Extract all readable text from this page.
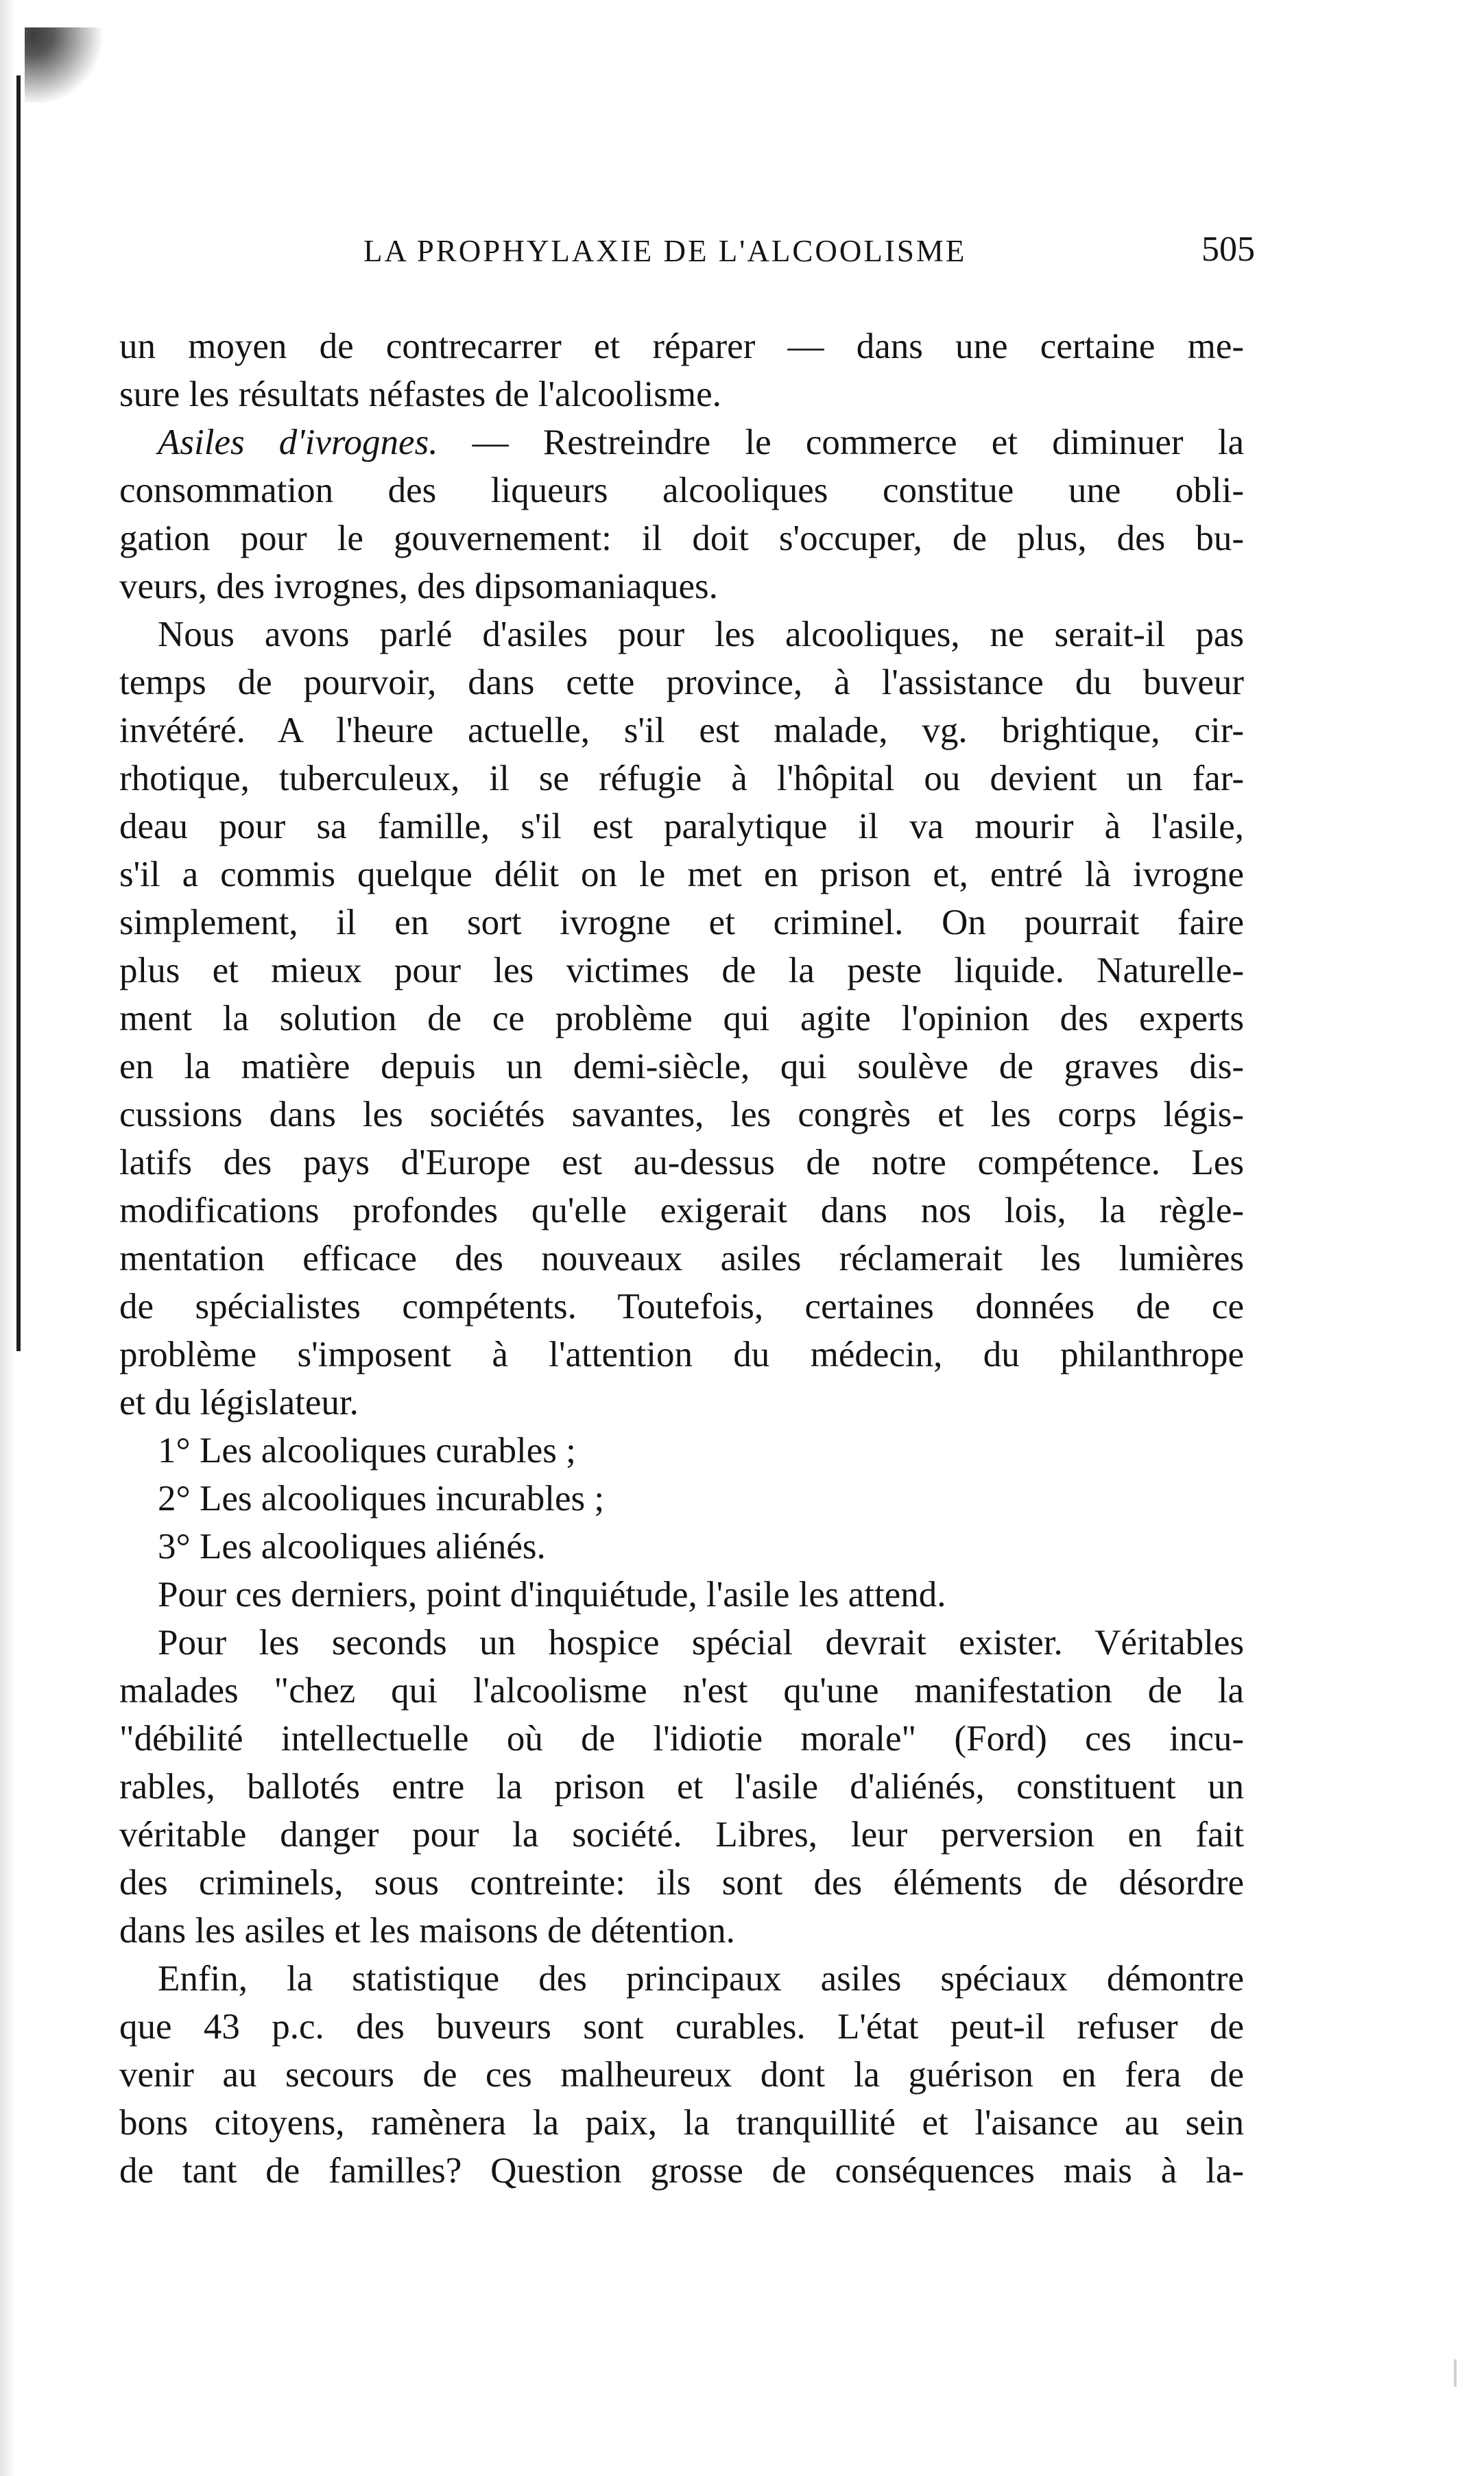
LA PROPHYLAXIE DE L'ALCOOLISME	505
un moyen de contrecarrer et réparer — dans une certaine me-
sure les résultats néfastes de l'alcoolisme.
Asiles d'ivrognes. — Restreindre le commerce et diminuer la
consommation des liqueurs alcooliques constitue une obli-
gation pour le gouvernement: il doit s'occuper, de plus, des bu-
veurs, des ivrognes, des dipsomaniaques.
Nous avons parlé d'asiles pour les alcooliques, ne serait-il pas
temps de pourvoir, dans cette province, à l'assistance du buveur
invétéré. A l'heure actuelle, s'il est malade, vg. brightique, cir-
rhotique, tuberculeux, il se réfugie à l'hôpital ou devient un far-
deau pour sa famille, s'il est paralytique il va mourir à l'asile,
s'il a commis quelque délit on le met en prison et, entré là ivrogne
simplement, il en sort ivrogne et criminel. On pourrait faire
plus et mieux pour les victimes de la peste liquide. Naturelle-
ment la solution de ce problème qui agite l'opinion des experts
en la matière depuis un demi-siècle, qui soulève de graves dis-
cussions dans les sociétés savantes, les congrès et les corps légis-
latifs des pays d'Europe est au-dessus de notre compétence. Les
modifications profondes qu'elle exigerait dans nos lois, la règle-
mentation efficace des nouveaux asiles réclamerait les lumières
de spécialistes compétents. Toutefois, certaines données de ce
problème s'imposent à l'attention du médecin, du philanthrope
et du législateur.
1° Les alcooliques curables ;
2° Les alcooliques incurables ;
3° Les alcooliques aliénés.
Pour ces derniers, point d'inquiétude, l'asile les attend.
Pour les seconds un hospice spécial devrait exister. Véritables
malades "chez qui l'alcoolisme n'est qu'une manifestation de la
"débilité intellectuelle où de l'idiotie morale" (Ford) ces incu-
rables, ballotés entre la prison et l'asile d'aliénés, constituent un
véritable danger pour la société. Libres, leur perversion en fait
des criminels, sous contreinte: ils sont des éléments de désordre
dans les asiles et les maisons de détention.
Enfin, la statistique des principaux asiles spéciaux démontre
que 43 p.c. des buveurs sont curables. L'état peut-il refuser de
venir au secours de ces malheureux dont la guérison en fera de
bons citoyens, ramènera la paix, la tranquillité et l'aisance au sein
de tant de familles? Question grosse de conséquences mais à la-
